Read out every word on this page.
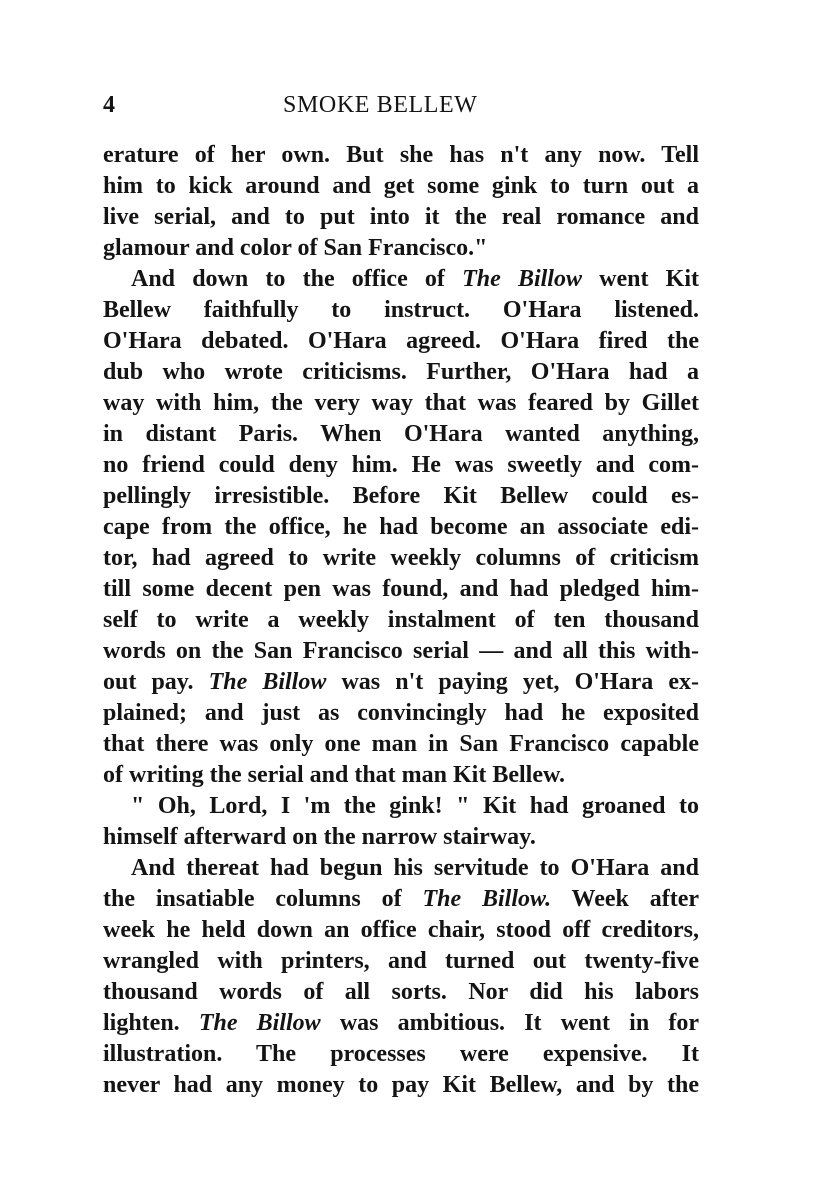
4	SMOKE BELLEW
erature of her own. But she has n't any now. Tell
him to kick around and get some gink to turn out a
live serial, and to put into it the real romance and
glamour and color of San Francisco."
And down to the office of The Billow went Kit
Bellew faithfully to instruct. O'Hara listened.
O'Hara debated. O'Hara agreed. O'Hara fired the
dub who wrote criticisms. Further, O'Hara had a
way with him, the very way that was feared by Gillet
in distant Paris. When O'Hara wanted anything,
no friend could deny him. He was sweetly and com-
pellingly irresistible. Before Kit Bellew could es-
cape from the office, he had become an associate edi-
tor, had agreed to write weekly columns of criticism
till some decent pen was found, and had pledged him-
self to write a weekly instalment of ten thousand
words on the San Francisco serial — and all this with-
out pay. The Billow was n't paying yet, O'Hara ex-
plained; and just as convincingly had he exposited
that there was only one man in San Francisco capable
of writing the serial and that man Kit Bellew.
" Oh, Lord, I 'm the gink! " Kit had groaned to
himself afterward on the narrow stairway.
And thereat had begun his servitude to O'Hara and
the insatiable columns of The Billow. Week after
week he held down an office chair, stood off creditors,
wrangled with printers, and turned out twenty-five
thousand words of all sorts. Nor did his labors
lighten. The Billow was ambitious. It went in for
illustration. The processes were expensive. It
never had any money to pay Kit Bellew, and by the
